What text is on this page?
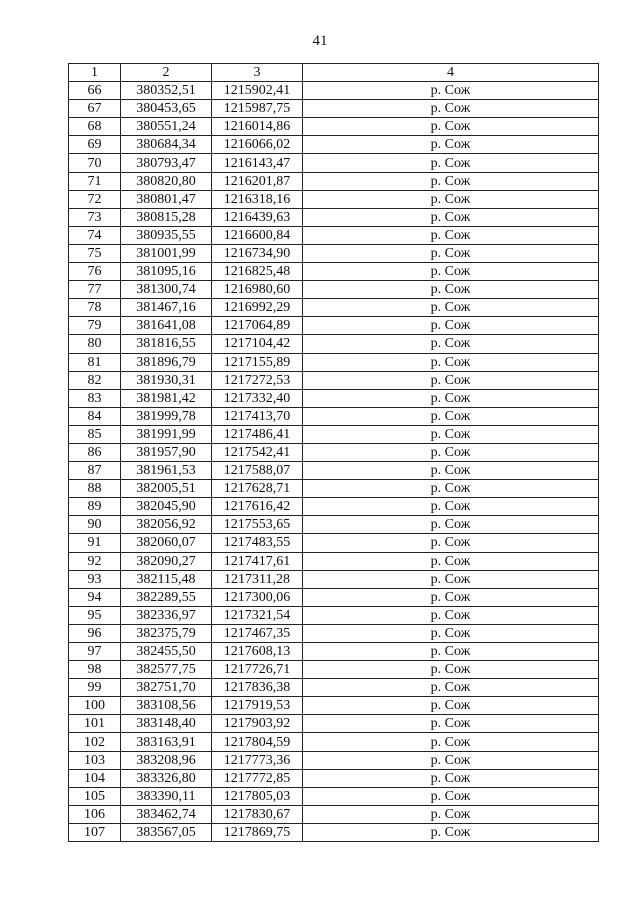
41
1	2	3	4
66	380352,51	1215902,41	р. Сож
67	380453,65	1215987,75	р. Сож
68	380551,24	1216014,86	р. Сож
69	380684,34	1216066,02	р. Сож
70	380793,47	1216143,47	р. Сож
71	380820,80	1216201,87	р. Сож
72	380801,47	1216318,16	р. Сож
73	380815,28	1216439,63	р. Сож
74	380935,55	1216600,84	р. Сож
75	381001,99	1216734,90	р. Сож
76	381095,16	1216825,48	р. Сож
77	381300,74	1216980,60	р. Сож
78	381467,16	1216992,29	р. Сож
79	381641,08	1217064,89	р. Сож
80	381816,55	1217104,42	р. Сож
81	381896,79	1217155,89	р. Сож
82	381930,31	1217272,53	р. Сож
83	381981,42	1217332,40	р. Сож
84	381999,78	1217413,70	р. Сож
85	381991,99	1217486,41	р. Сож
86	381957,90	1217542,41	р. Сож
87	381961,53	1217588,07	р. Сож
88	382005,51	1217628,71	р. Сож
89	382045,90	1217616,42	р. Сож
90	382056,92	1217553,65	р. Сож
91	382060,07	1217483,55	р. Сож
92	382090,27	1217417,61	р. Сож
93	382115,48	1217311,28	р. Сож
94	382289,55	1217300,06	р. Сож
95	382336,97	1217321,54	р. Сож
96	382375,79	1217467,35	р. Сож
97	382455,50	1217608,13	р. Сож
98	382577,75	1217726,71	р. Сож
99	382751,70	1217836,38	р. Сож
100	383108,56	1217919,53	р. Сож
101	383148,40	1217903,92	р. Сож
102	383163,91	1217804,59	р. Сож
103	383208,96	1217773,36	р. Сож
104	383326,80	1217772,85	р. Сож
105	383390,11	1217805,03	р. Сож
106	383462,74	1217830,67	р. Сож
107	383567,05	1217869,75	р. Сож
